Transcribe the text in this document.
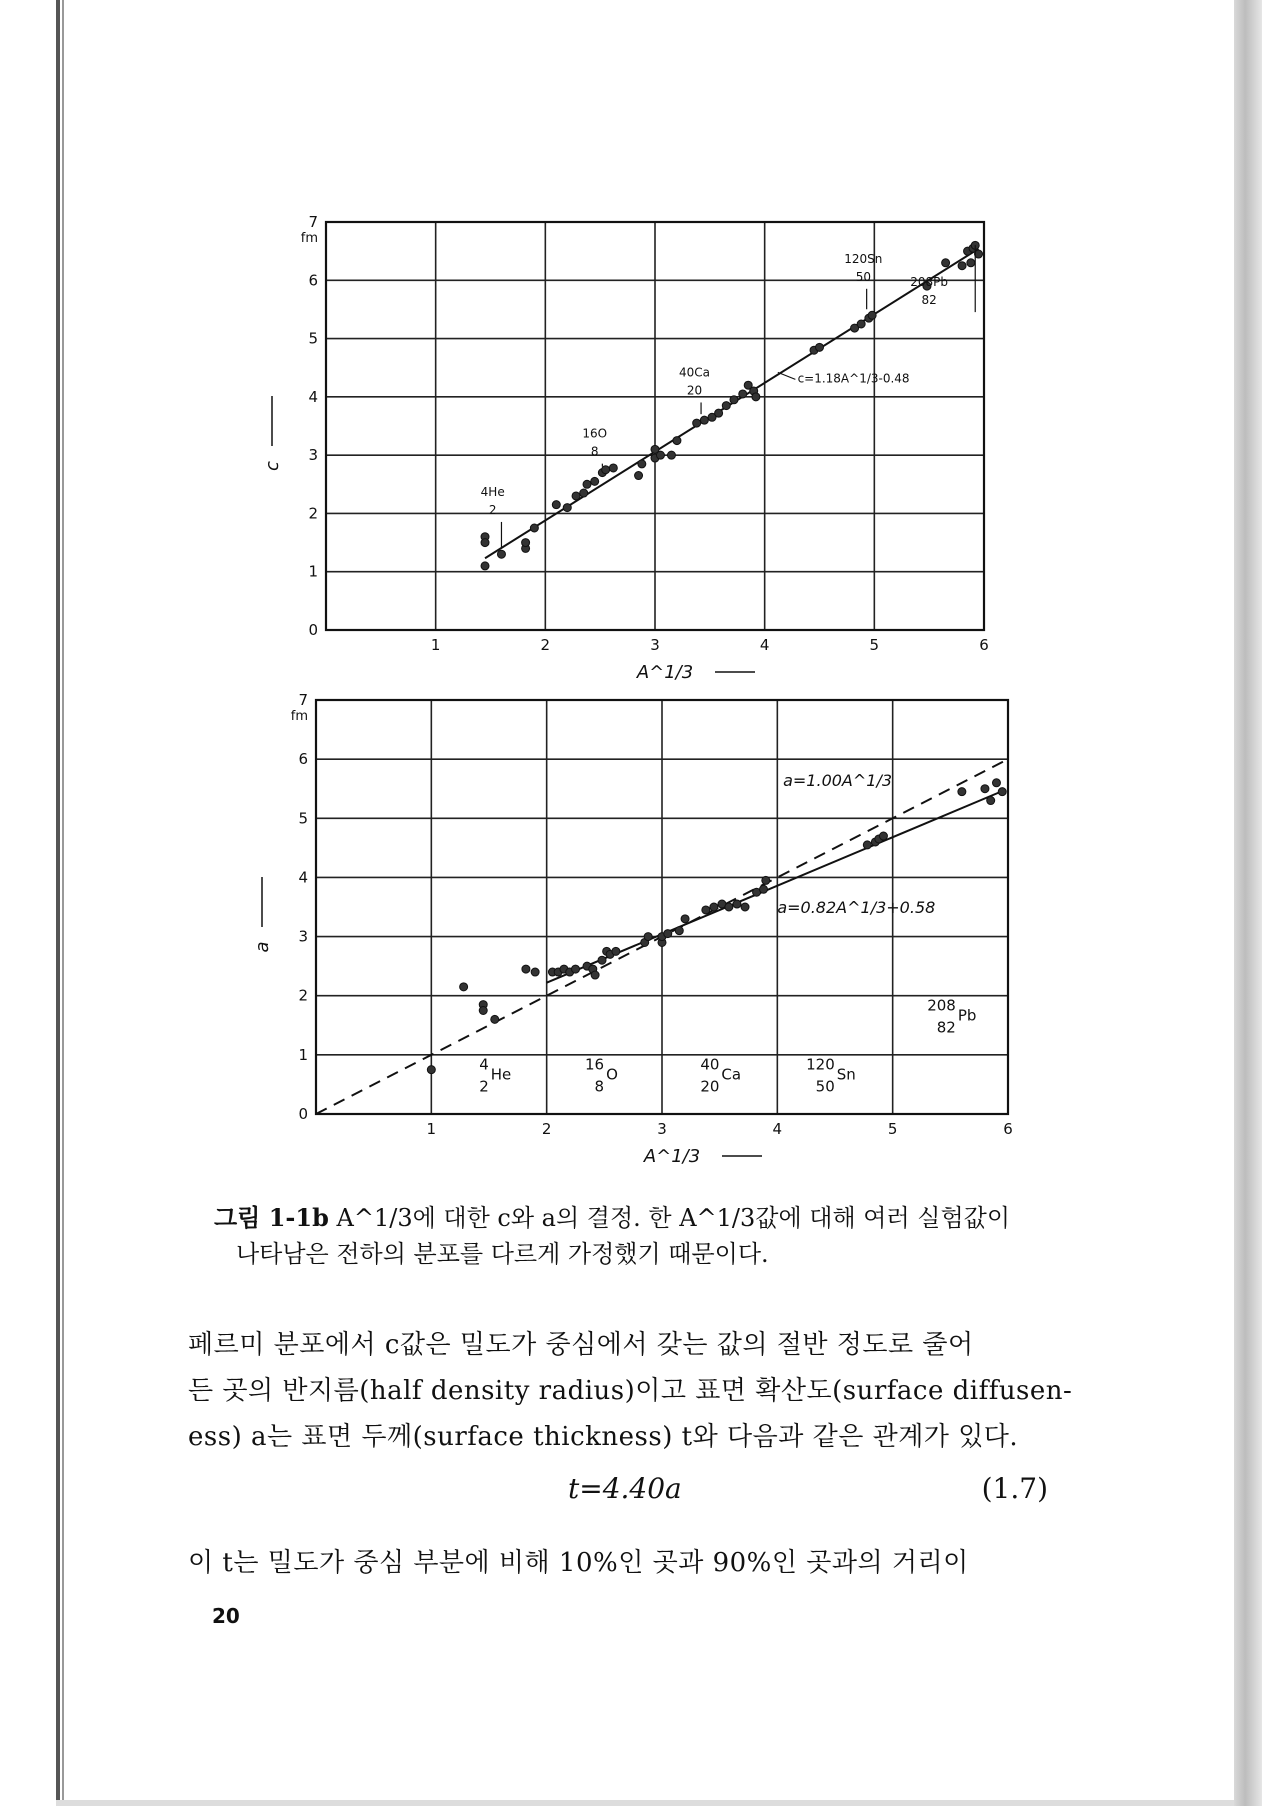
1	2	3	4	5	6
0
1
2
3
4
5
6
7
fm
A^1/3
c
c=1.18A^1/3-0.48
4He
2
16O
8
40Ca
20
120Sn
50	208Pb
82
1	2	3	4	5	6
0
1
2
3
4
5
6
7
fm
A^1/3
a
a=1.00A^1/3
a=0.82A^1/3+0.58
4
He
2
16
O
8
40
Ca
20
120
Sn
50
208
Pb
82
그림 1-1b A^1/3에 대한 c와 a의 결정. 한 A^1/3값에 대해 여러 실험값이
나타남은 전하의 분포를 다르게 가정했기 때문이다.
페르미 분포에서 c값은 밀도가 중심에서 갖는 값의 절반 정도로 줄어
든 곳의 반지름(half density radius)이고 표면 확산도(surface diffusen-
ess) a는 표면 두께(surface thickness) t와 다음과 같은 관계가 있다.
t=4.40a	(1.7)
이 t는 밀도가 중심 부분에 비해 10%인 곳과 90%인 곳과의 거리이
20
